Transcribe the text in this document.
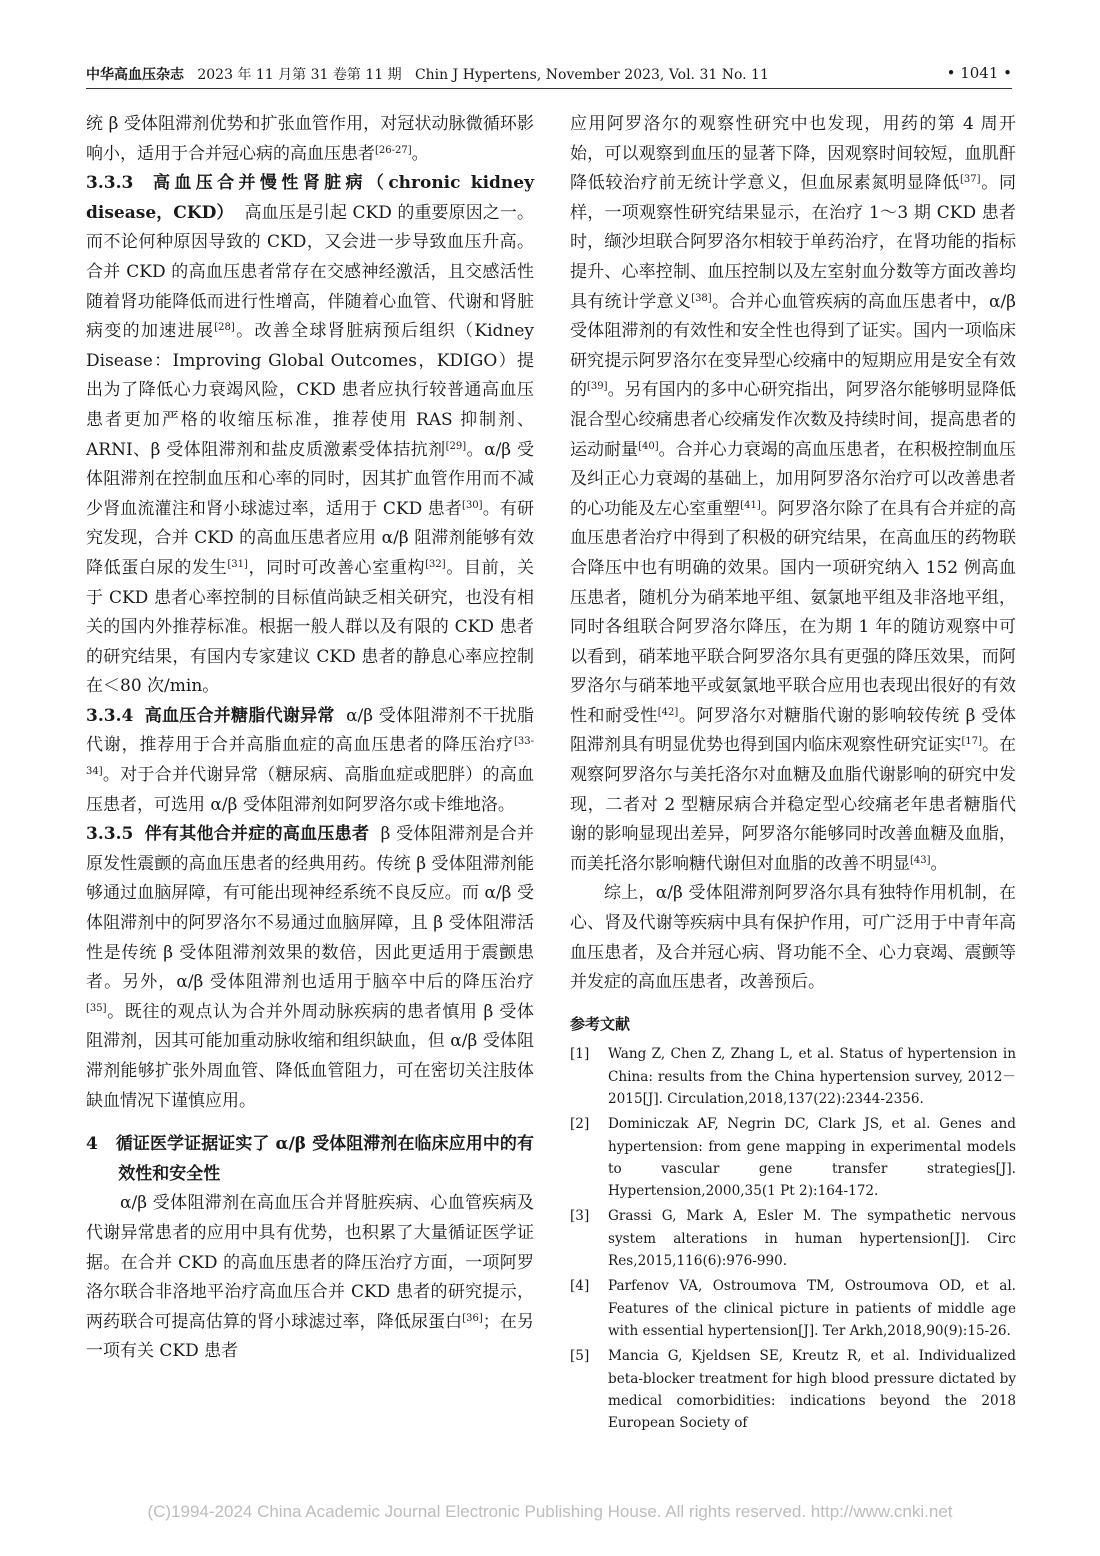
中华高血压杂志 2023 年 11 月第 31 卷第 11 期 Chin J Hypertens, November 2023, Vol. 31 No. 11	• 1041 •

统 β 受体阻滞剂优势和扩张血管作用，对冠状动脉微循环影响小，适用于合并冠心病的高血压患者[26-27]。

3.3.3 高血压合并慢性肾脏病（chronic kidney disease，CKD） 高血压是引起 CKD 的重要原因之一。而不论何种原因导致的 CKD，又会进一步导致血压升高。合并 CKD 的高血压患者常存在交感神经激活，且交感活性随着肾功能降低而进行性增高，伴随着心血管、代谢和肾脏病变的加速进展[28]。改善全球肾脏病预后组织（Kidney Disease：Improving Global Outcomes，KDIGO）提出为了降低心力衰竭风险，CKD 患者应执行较普通高血压患者更加严格的收缩压标准，推荐使用 RAS 抑制剂、ARNI、β 受体阻滞剂和盐皮质激素受体拮抗剂[29]。α/β 受体阻滞剂在控制血压和心率的同时，因其扩血管作用而不减少肾血流灌注和肾小球滤过率，适用于 CKD 患者[30]。有研究发现，合并 CKD 的高血压患者应用 α/β 阻滞剂能够有效降低蛋白尿的发生[31]，同时可改善心室重构[32]。目前，关于 CKD 患者心率控制的目标值尚缺乏相关研究，也没有相关的国内外推荐标准。根据一般人群以及有限的 CKD 患者的研究结果，有国内专家建议 CKD 患者的静息心率应控制在＜80 次/min。

3.3.4 高血压合并糖脂代谢异常 α/β 受体阻滞剂不干扰脂代谢，推荐用于合并高脂血症的高血压患者的降压治疗[33-34]。对于合并代谢异常（糖尿病、高脂血症或肥胖）的高血压患者，可选用 α/β 受体阻滞剂如阿罗洛尔或卡维地洛。

3.3.5 伴有其他合并症的高血压患者 β 受体阻滞剂是合并原发性震颤的高血压患者的经典用药。传统 β 受体阻滞剂能够通过血脑屏障，有可能出现神经系统不良反应。而 α/β 受体阻滞剂中的阿罗洛尔不易通过血脑屏障，且 β 受体阻滞活性是传统 β 受体阻滞剂效果的数倍，因此更适用于震颤患者。另外，α/β 受体阻滞剂也适用于脑卒中后的降压治疗[35]。既往的观点认为合并外周动脉疾病的患者慎用 β 受体阻滞剂，因其可能加重动脉收缩和组织缺血，但 α/β 受体阻滞剂能够扩张外周血管、降低血管阻力，可在密切关注肢体缺血情况下谨慎应用。

4 循证医学证据证实了 α/β 受体阻滞剂在临床应用中的有效性和安全性

α/β 受体阻滞剂在高血压合并肾脏疾病、心血管疾病及代谢异常患者的应用中具有优势，也积累了大量循证医学证据。在合并 CKD 的高血压患者的降压治疗方面，一项阿罗洛尔联合非洛地平治疗高血压合并 CKD 患者的研究提示，两药联合可提高估算的肾小球滤过率，降低尿蛋白[36]；在另一项有关 CKD 患者

应用阿罗洛尔的观察性研究中也发现，用药的第 4 周开始，可以观察到血压的显著下降，因观察时间较短，血肌酐降低较治疗前无统计学意义，但血尿素氮明显降低[37]。同样，一项观察性研究结果显示，在治疗 1～3 期 CKD 患者时，缬沙坦联合阿罗洛尔相较于单药治疗，在肾功能的指标提升、心率控制、血压控制以及左室射血分数等方面改善均具有统计学意义[38]。合并心血管疾病的高血压患者中，α/β 受体阻滞剂的有效性和安全性也得到了证实。国内一项临床研究提示阿罗洛尔在变异型心绞痛中的短期应用是安全有效的[39]。另有国内的多中心研究指出，阿罗洛尔能够明显降低混合型心绞痛患者心绞痛发作次数及持续时间，提高患者的运动耐量[40]。合并心力衰竭的高血压患者，在积极控制血压及纠正心力衰竭的基础上，加用阿罗洛尔治疗可以改善患者的心功能及左心室重塑[41]。阿罗洛尔除了在具有合并症的高血压患者治疗中得到了积极的研究结果，在高血压的药物联合降压中也有明确的效果。国内一项研究纳入 152 例高血压患者，随机分为硝苯地平组、氨氯地平组及非洛地平组，同时各组联合阿罗洛尔降压，在为期 1 年的随访观察中可以看到，硝苯地平联合阿罗洛尔具有更强的降压效果，而阿罗洛尔与硝苯地平或氨氯地平联合应用也表现出很好的有效性和耐受性[42]。阿罗洛尔对糖脂代谢的影响较传统 β 受体阻滞剂具有明显优势也得到国内临床观察性研究证实[17]。在观察阿罗洛尔与美托洛尔对血糖及血脂代谢影响的研究中发现，二者对 2 型糖尿病合并稳定型心绞痛老年患者糖脂代谢的影响显现出差异，阿罗洛尔能够同时改善血糖及血脂，而美托洛尔影响糖代谢但对血脂的改善不明显[43]。

综上，α/β 受体阻滞剂阿罗洛尔具有独特作用机制，在心、肾及代谢等疾病中具有保护作用，可广泛用于中青年高血压患者，及合并冠心病、肾功能不全、心力衰竭、震颤等并发症的高血压患者，改善预后。

参考文献

[1]	Wang Z, Chen Z, Zhang L, et al. Status of hypertension in China: results from the China hypertension survey, 2012－2015[J]. Circulation,2018,137(22):2344-2356.
[2]	Dominiczak AF, Negrin DC, Clark JS, et al. Genes and hypertension: from gene mapping in experimental models to vascular gene transfer strategies[J]. Hypertension,2000,35(1 Pt 2):164-172.
[3]	Grassi G, Mark A, Esler M. The sympathetic nervous system alterations in human hypertension[J]. Circ Res,2015,116(6):976-990.
[4]	Parfenov VA, Ostroumova TM, Ostroumova OD, et al. Features of the clinical picture in patients of middle age with essential hypertension[J]. Ter Arkh,2018,90(9):15-26.
[5]	Mancia G, Kjeldsen SE, Kreutz R, et al. Individualized beta-blocker treatment for high blood pressure dictated by medical comorbidities: indications beyond the 2018 European Society of
(C)1994-2024 China Academic Journal Electronic Publishing House. All rights reserved. http://www.cnki.net
